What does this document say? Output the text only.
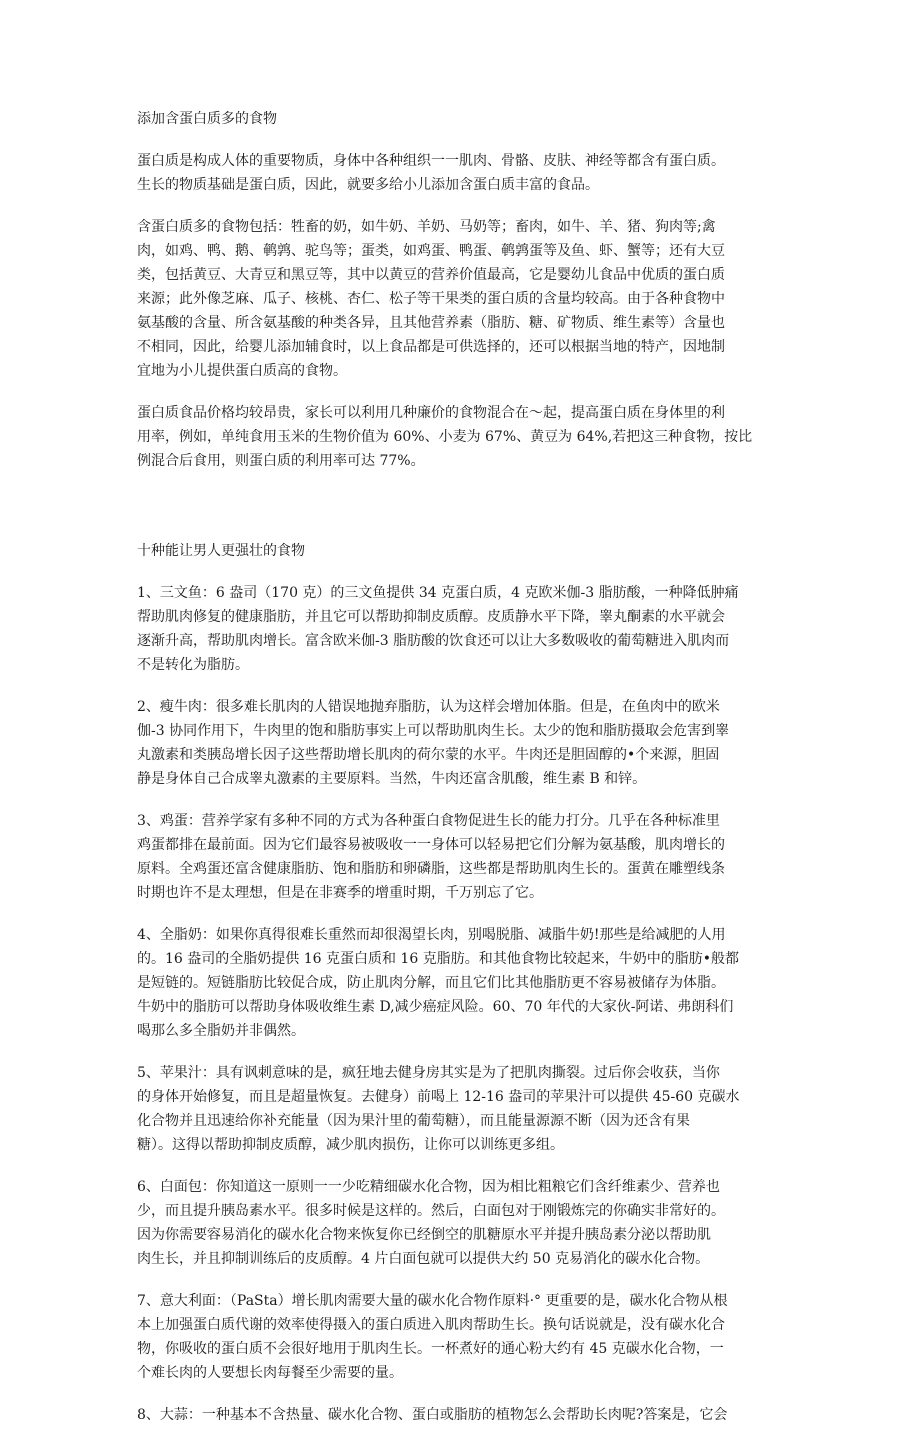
添加含蛋白质多的食物
蛋白质是构成人体的重要物质，身体中各种组织一一肌肉、骨骼、皮肤、神经等都含有蛋白质。
生长的物质基础是蛋白质，因此，就要多给小儿添加含蛋白质丰富的食品。
含蛋白质多的食物包括：牲畜的奶，如牛奶、羊奶、马奶等；畜肉，如牛、羊、猪、狗肉等;禽
肉，如鸡、鸭、鹅、鹌鹑、驼鸟等；蛋类，如鸡蛋、鸭蛋、鹌鹑蛋等及鱼、虾、蟹等；还有大豆
类，包括黄豆、大青豆和黑豆等，其中以黄豆的营养价值最高，它是婴幼儿食品中优质的蛋白质
来源；此外像芝麻、瓜子、核桃、杏仁、松子等干果类的蛋白质的含量均较高。由于各种食物中
氨基酸的含量、所含氨基酸的种类各异，且其他营养素（脂肪、糖、矿物质、维生素等）含量也
不相同，因此，给婴儿添加辅食时，以上食品都是可供选择的，还可以根据当地的特产，因地制
宜地为小儿提供蛋白质高的食物。
蛋白质食品价格均较昂贵，家长可以利用几种廉价的食物混合在～起，提高蛋白质在身体里的利
用率，例如，单纯食用玉米的生物价值为 60%、小麦为 67%、黄豆为 64%,若把这三种食物，按比
例混合后食用，则蛋白质的利用率可达 77%。
十种能让男人更强壮的食物
1、三文鱼：6 盎司（170 克）的三文鱼提供 34 克蛋白质，4 克欧米伽-3 脂肪酸，一种降低肿痛
帮助肌肉修复的健康脂肪，并且它可以帮助抑制皮质醇。皮质静水平下降，睾丸酮素的水平就会
逐渐升高，帮助肌肉增长。富含欧米伽-3 脂肪酸的饮食还可以让大多数吸收的葡萄糖进入肌肉而
不是转化为脂肪。
2、瘦牛肉：很多难长肌肉的人错误地抛弃脂肪，认为这样会增加体脂。但是，在鱼肉中的欧米
伽-3 协同作用下，牛肉里的饱和脂肪事实上可以帮助肌肉生长。太少的饱和脂肪摄取会危害到睾
丸激素和类胰岛增长因子这些帮助增长肌肉的荷尔蒙的水平。牛肉还是胆固醇的•个来源，胆固
静是身体自己合成睾丸激素的主要原料。当然，牛肉还富含肌酸，维生素 B 和锌。
3、鸡蛋：营养学家有多种不同的方式为各种蛋白食物促进生长的能力打分。几乎在各种标准里
鸡蛋都排在最前面。因为它们最容易被吸收一一身体可以轻易把它们分解为氨基酸，肌肉增长的
原料。全鸡蛋还富含健康脂肪、饱和脂肪和卵磷脂，这些都是帮助肌肉生长的。蛋黄在雕塑线条
时期也许不是太理想，但是在非赛季的增重时期，千万别忘了它。
4、全脂奶：如果你真得很难长重然而却很渴望长肉，别喝脱脂、减脂牛奶!那些是给减肥的人用
的。16 盎司的全脂奶提供 16 克蛋白质和 16 克脂肪。和其他食物比较起来，牛奶中的脂肪•般都
是短链的。短链脂肪比较促合成，防止肌肉分解，而且它们比其他脂肪更不容易被储存为体脂。
牛奶中的脂肪可以帮助身体吸收维生素 D,减少癌症风险。60、70 年代的大家伙-阿诺、弗朗科们
喝那么多全脂奶并非偶然。
5、苹果汁：具有讽刺意味的是，疯狂地去健身房其实是为了把肌肉撕裂。过后你会收获，当你
的身体开始修复，而且是超量恢复。去健身）前喝上 12-16 盎司的苹果汁可以提供 45-60 克碳水
化合物并且迅速给你补充能量（因为果汁里的葡萄糖），而且能量源源不断（因为还含有果
糖）。这得以帮助抑制皮质醇，减少肌肉损伤，让你可以训练更多组。
6、白面包：你知道这一原则一一少吃精细碳水化合物，因为相比粗粮它们含纤维素少、营养也
少，而且提升胰岛素水平。很多时候是这样的。然后，白面包对于刚锻炼完的你确实非常好的。
因为你需要容易消化的碳水化合物来恢复你已经倒空的肌糖原水平并提升胰岛素分泌以帮助肌
肉生长，并且抑制训练后的皮质醇。4 片白面包就可以提供大约 50 克易消化的碳水化合物。
7、意大利面：（PaSta）增长肌肉需要大量的碳水化合物作原料·° 更重要的是，碳水化合物从根
本上加强蛋白质代谢的效率使得摄入的蛋白质进入肌肉帮助生长。换句话说就是，没有碳水化合
物，你吸收的蛋白质不会很好地用于肌肉生长。一杯煮好的通心粉大约有 45 克碳水化合物，一
个难长肉的人要想长肉每餐至少需要的量。
8、大蒜：一种基本不含热量、碳水化合物、蛋白或脂肪的植物怎么会帮助长肉呢?答案是，它会
